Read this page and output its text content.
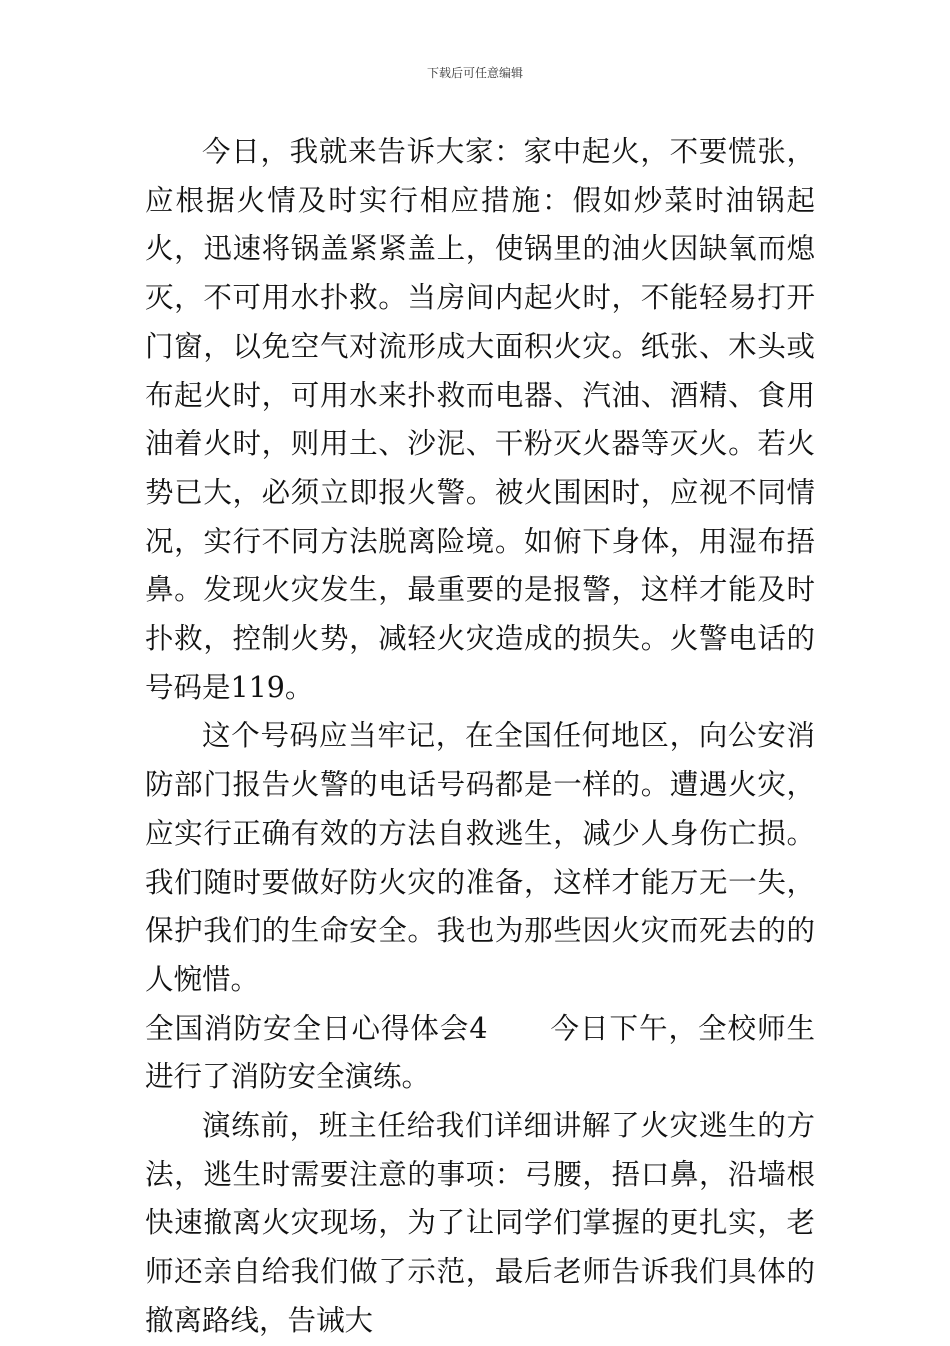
下载后可任意编辑

今日，我就来告诉大家：家中起火，不要慌张，应根据火情及时实行相应措施：假如炒菜时油锅起火，迅速将锅盖紧紧盖上，使锅里的油火因缺氧而熄灭，不可用水扑救。当房间内起火时，不能轻易打开门窗，以免空气对流形成大面积火灾。纸张、木头或布起火时，可用水来扑救而电器、汽油、酒精、食用油着火时，则用土、沙泥、干粉灭火器等灭火。若火势已大，必须立即报火警。被火围困时，应视不同情况，实行不同方法脱离险境。如俯下身体，用湿布捂鼻。发现火灾发生，最重要的是报警，这样才能及时扑救，控制火势，减轻火灾造成的损失。火警电话的号码是119。

这个号码应当牢记，在全国任何地区，向公安消防部门报告火警的电话号码都是一样的。遭遇火灾，应实行正确有效的方法自救逃生，减少人身伤亡损。我们随时要做好防火灾的准备，这样才能万无一失，保护我们的生命安全。我也为那些因火灾而死去的的人惋惜。

全国消防安全日心得体会4 今日下午，全校师生进行了消防安全演练。

演练前，班主任给我们详细讲解了火灾逃生的方法，逃生时需要注意的事项：弓腰，捂口鼻，沿墙根快速撤离火灾现场，为了让同学们掌握的更扎实，老师还亲自给我们做了示范，最后老师告诉我们具体的撤离路线，告诫大
